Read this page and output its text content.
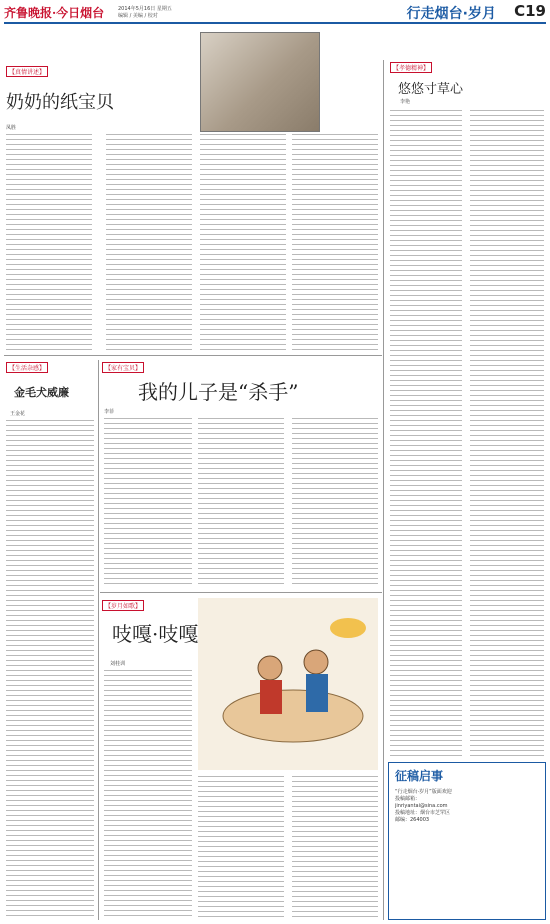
齐鲁晚报·今日烟台	2014年5月16日 星期五
编辑 / 美编 / 校对	行走烟台·岁月 C19
【真情讲述】
奶奶的纸宝贝
凤胜
【孝德精神】
悠悠寸草心
李艳
【生活杂感】
金毛犬威廉
王金花
【家有宝贝】
我的儿子是“杀手”
李菲
【岁月如歌】
吱嘎·吱嘎
刘桂训
征稿启事
“行走烟台·岁月”版面欢迎
投稿邮箱：
jinriyantai@sina.com
投稿地址：烟台市芝罘区
邮编：264003
